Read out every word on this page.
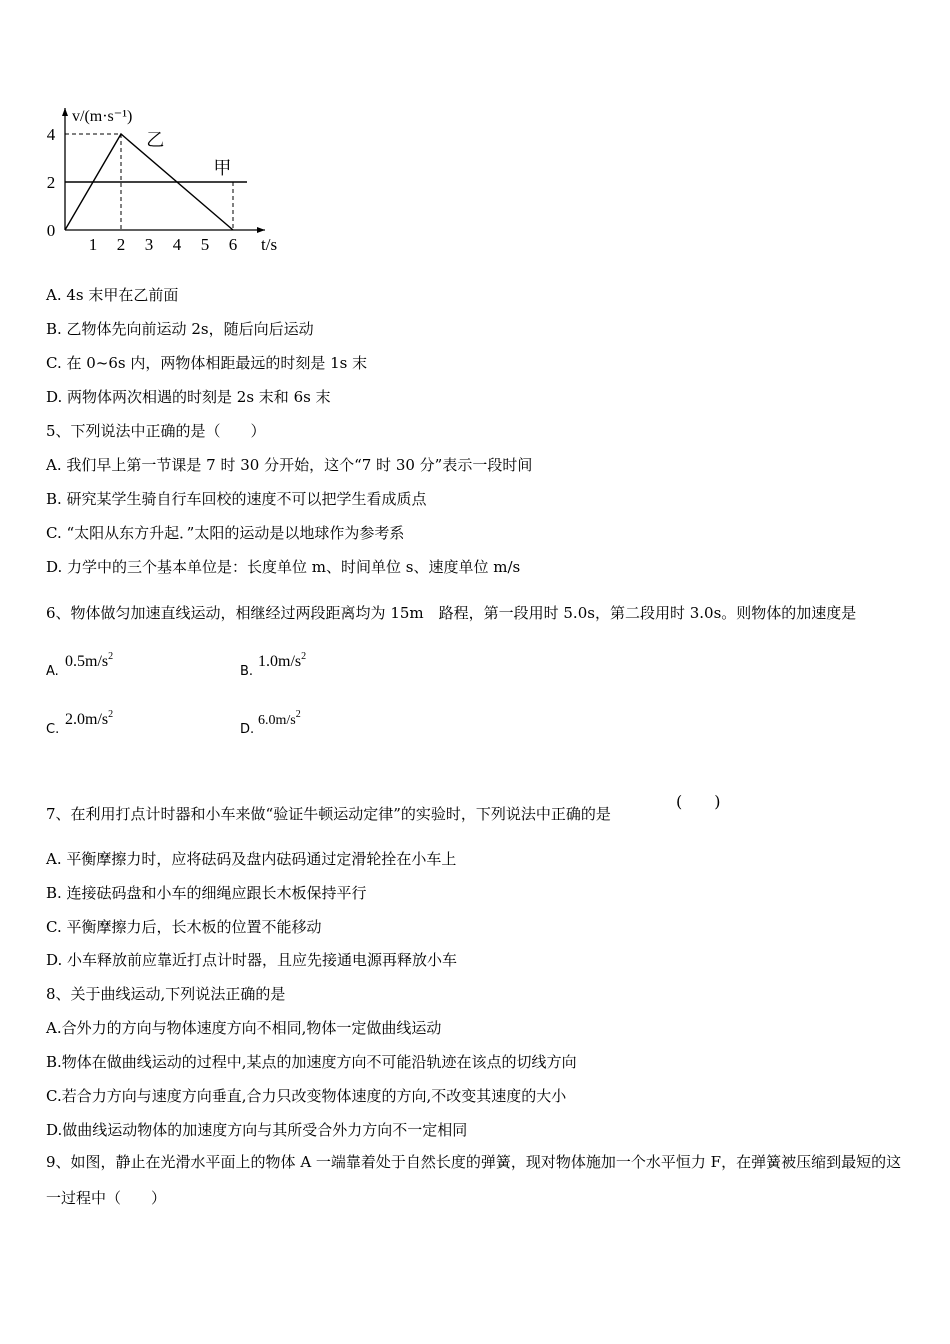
0
2
4
1 2 3 4 5 6
v/(m·s⁻¹)
t/s
甲
乙
A. 4s 末甲在乙前面
B. 乙物体先向前运动 2s，随后向后运动
C. 在 0~6s 内，两物体相距最远的时刻是 1s 末
D. 两物体两次相遇的时刻是 2s 末和 6s 末
5、下列说法中正确的是（　　）
A. 我们早上第一节课是 7 时 30 分开始，这个“7 时 30 分”表示一段时间
B. 研究某学生骑自行车回校的速度不可以把学生看成质点
C. “太阳从东方升起．”太阳的运动是以地球作为参考系
D. 力学中的三个基本单位是：长度单位 m、时间单位 s、速度单位 m/s
6、物体做匀加速直线运动，相继经过两段距离均为 15m　路程，第一段用时 5.0s，第二段用时 3.0s。则物体的加速度是
A.
$0.5m/s^2$
B.
$1.0m/s^2$
C.
$2.0m/s^2$
D.
$6.0m/s^2$
7、在利用打点计时器和小车来做“验证牛顿运动定律”的实验时，下列说法中正确的是
(　　)
A. 平衡摩擦力时，应将砝码及盘内砝码通过定滑轮拴在小车上
B. 连接砝码盘和小车的细绳应跟长木板保持平行
C. 平衡摩擦力后，长木板的位置不能移动
D. 小车释放前应靠近打点计时器，且应先接通电源再释放小车
8、关于曲线运动,下列说法正确的是
A.合外力的方向与物体速度方向不相同,物体一定做曲线运动
B.物体在做曲线运动的过程中,某点的加速度方向不可能沿轨迹在该点的切线方向
C.若合力方向与速度方向垂直,合力只改变物体速度的方向,不改变其速度的大小
D.做曲线运动物体的加速度方向与其所受合外力方向不一定相同
9、如图，静止在光滑水平面上的物体 A 一端靠着处于自然长度的弹簧，现对物体施加一个水平恒力 F，在弹簧被压缩到最短的这一过程中（　　）
